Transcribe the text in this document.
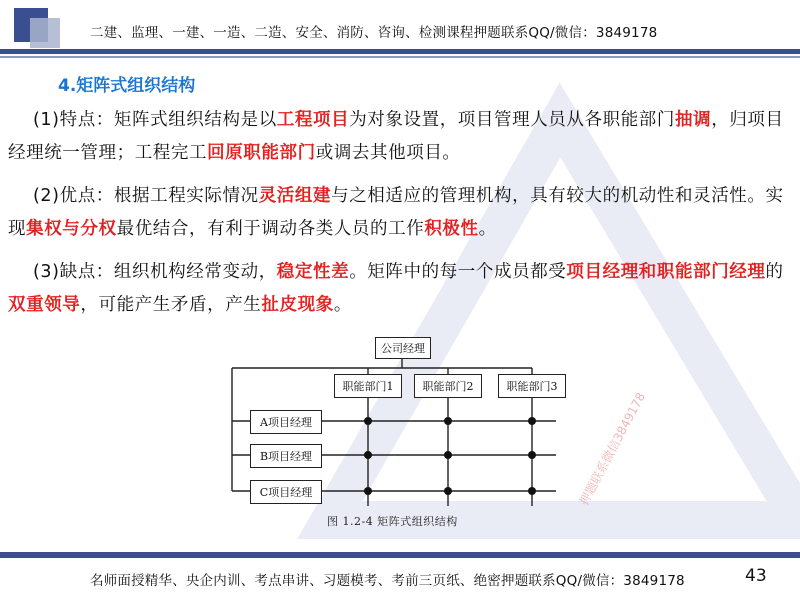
二建、监理、一建、一造、二造、安全、消防、咨询、检测课程押题联系QQ/微信：3849178
4.矩阵式组织结构
(1)特点：矩阵式组织结构是以工程项目为对象设置，项目管理人员从各职能部门抽调，归项目经理统一管理；工程完工回原职能部门或调去其他项目。
(2)优点：根据工程实际情况灵活组建与之相适应的管理机构，具有较大的机动性和灵活性。实现集权与分权最优结合，有利于调动各类人员的工作积极性。
(3)缺点：组织机构经常变动，稳定性差。矩阵中的每一个成员都受项目经理和职能部门经理的双重领导，可能产生矛盾，产生扯皮现象。
公司经理
职能部门1	职能部门2	职能部门3
A项目经理
B项目经理
C项目经理
图 1.2-4 矩阵式组织结构
押题联系微信3849178
名师面授精华、央企内训、考点串讲、习题模考、考前三页纸、绝密押题联系QQ/微信：3849178	43
